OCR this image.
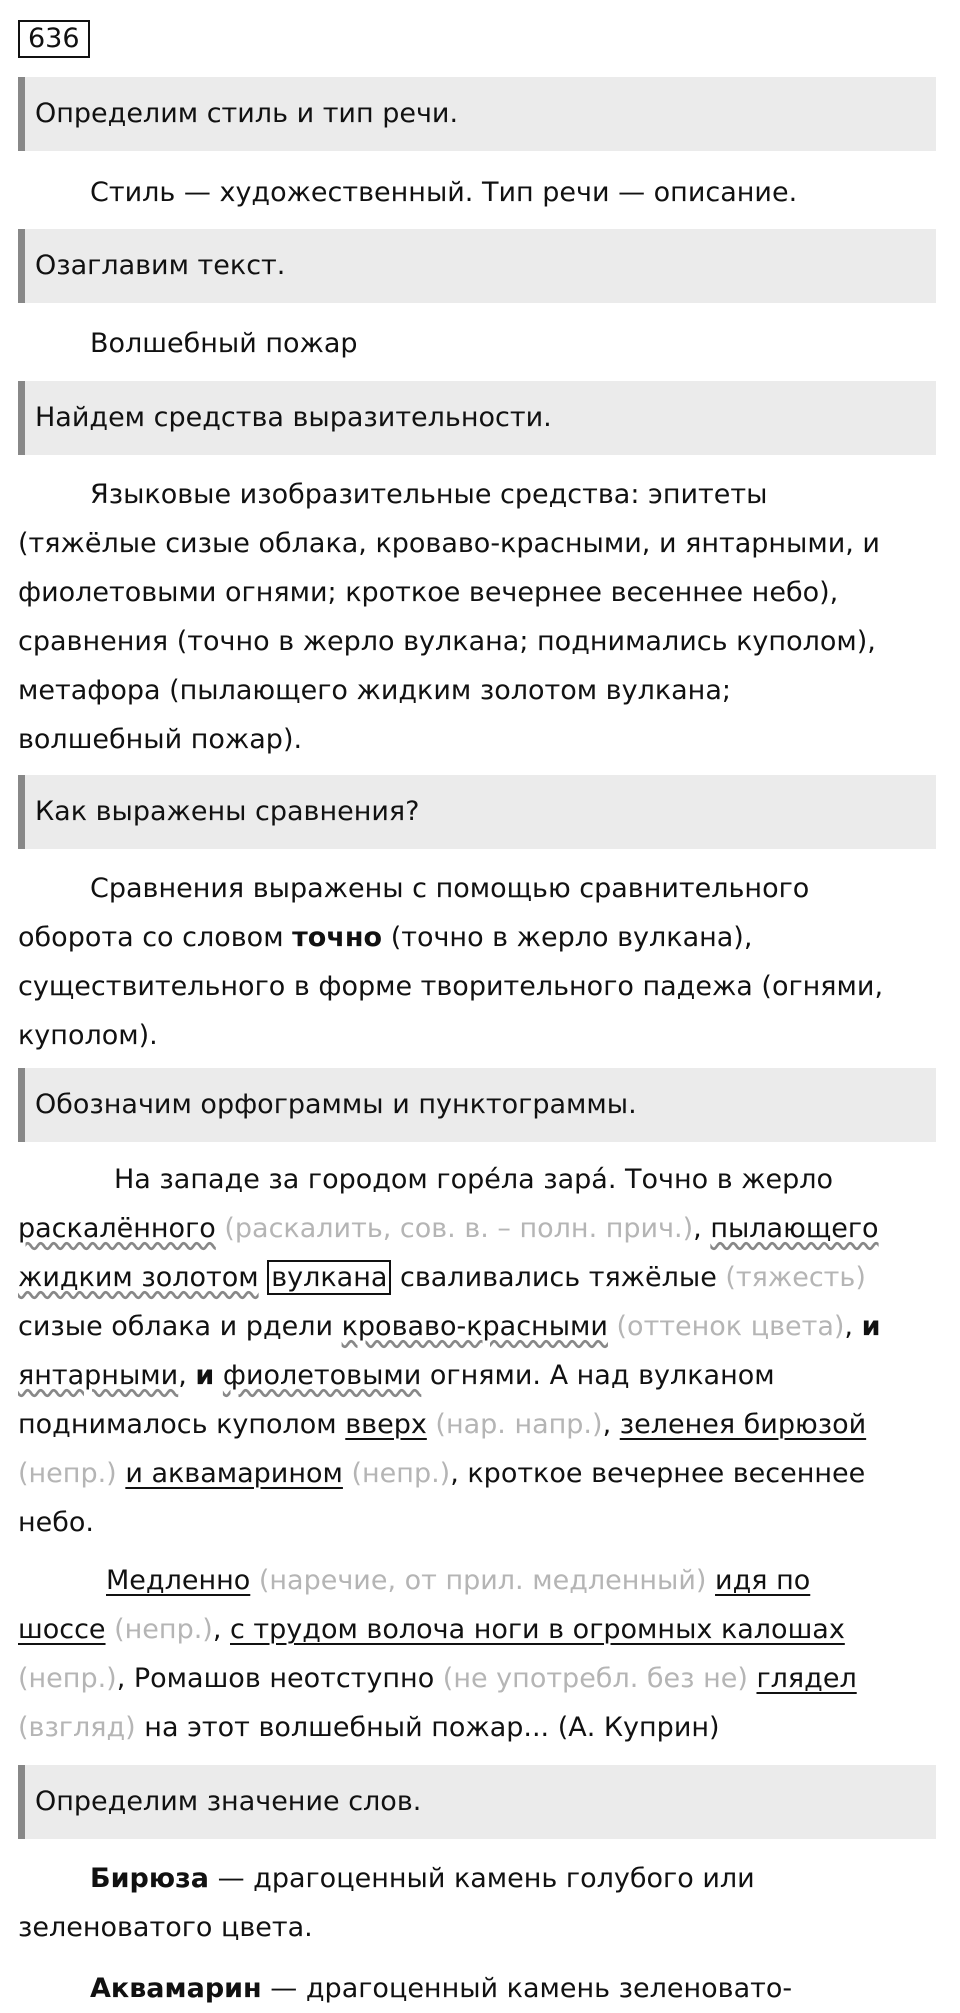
636
Определим стиль и тип речи.
Стиль — художественный. Тип речи — описание.
Озаглавим текст.
Волшебный пожар
Найдем средства выразительности.
Языковые изобразительные средства: эпитеты
(тяжёлые сизые облака, кроваво-красными, и янтарными, и
фиолетовыми огнями; кроткое вечернее весеннее небо),
сравнения (точно в жерло вулкана; поднимались куполом),
метафора (пылающего жидким золотом вулкана;
волшебный пожар).
Как выражены сравнения?
Сравнения выражены с помощью сравнительного
оборота со словом точно (точно в жерло вулкана),
существительного в форме творительного падежа (огнями,
куполом).
Обозначим орфограммы и пунктограммы.
На западе за городом горéла зарá. Точно в жерло
раскалённого (раскалить, сов. в. – полн. прич.), пылающего
жидким золотом вулкана сваливались тяжёлые (тяжесть)
сизые облака и рдели кроваво-красными (оттенок цвета), и
янтарными, и фиолетовыми огнями. А над вулканом
поднималось куполом вверх (нар. напр.), зеленея бирюзой
(непр.) и аквамарином (непр.), кроткое вечернее весеннее
небо.
Медленно (наречие, от прил. медленный) идя по
шоссе (непр.), с трудом волоча ноги в огромных калошах
(непр.), Ромашов неотступно (не употребл. без не) глядел
(взгляд) на этот волшебный пожар... (А. Куприн)
Определим значение слов.
Бирюза — драгоценный камень голубого или
зеленоватого цвета.
Аквамарин — драгоценный камень зеленовато-
